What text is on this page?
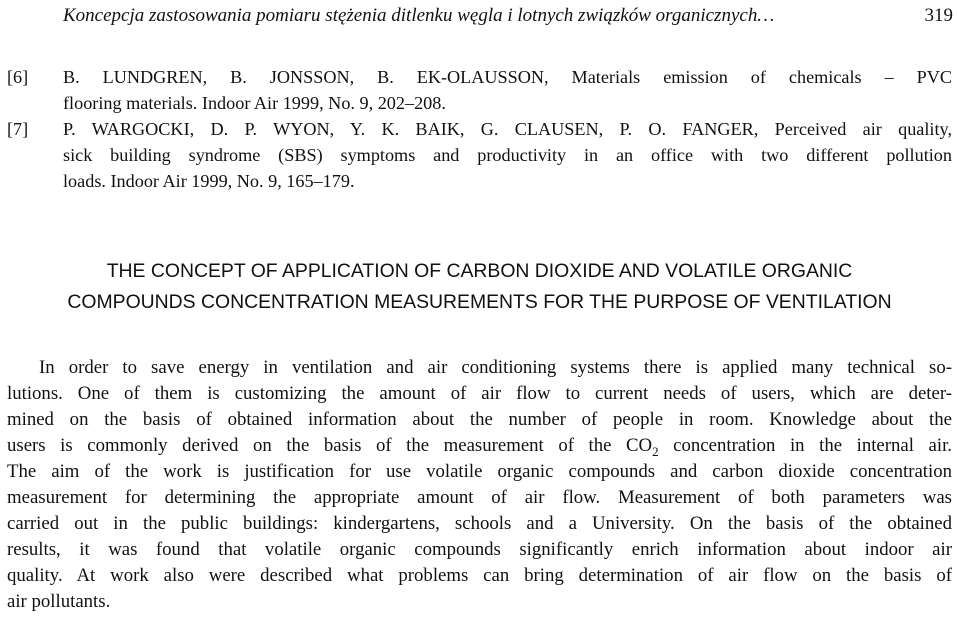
Koncepcja zastosowania pomiaru stężenia ditlenku węgla i lotnych związków organicznych…	319
[6] B. LUNDGREN, B. JONSSON, B. EK-OLAUSSON, Materials emission of chemicals – PVC
flooring materials. Indoor Air 1999, No. 9, 202–208.
[7] P. WARGOCKI, D. P. WYON, Y. K. BAIK, G. CLAUSEN, P. O. FANGER, Perceived air quality,
sick building syndrome (SBS) symptoms and productivity in an office with two different pollution
loads. Indoor Air 1999, No. 9, 165–179.
THE CONCEPT OF APPLICATION OF CARBON DIOXIDE AND VOLATILE ORGANIC
COMPOUNDS CONCENTRATION MEASUREMENTS FOR THE PURPOSE OF VENTILATION
In order to save energy in ventilation and air conditioning systems there is applied many technical so-
lutions. One of them is customizing the amount of air flow to current needs of users, which are deter-
mined on the basis of obtained information about the number of people in room. Knowledge about the
users is commonly derived on the basis of the measurement of the $CO_2$ concentration in the internal air.
The aim of the work is justification for use volatile organic compounds and carbon dioxide concentration
measurement for determining the appropriate amount of air flow. Measurement of both parameters was
carried out in the public buildings: kindergartens, schools and a University. On the basis of the obtained
results, it was found that volatile organic compounds significantly enrich information about indoor air
quality. At work also were described what problems can bring determination of air flow on the basis of
air pollutants.
